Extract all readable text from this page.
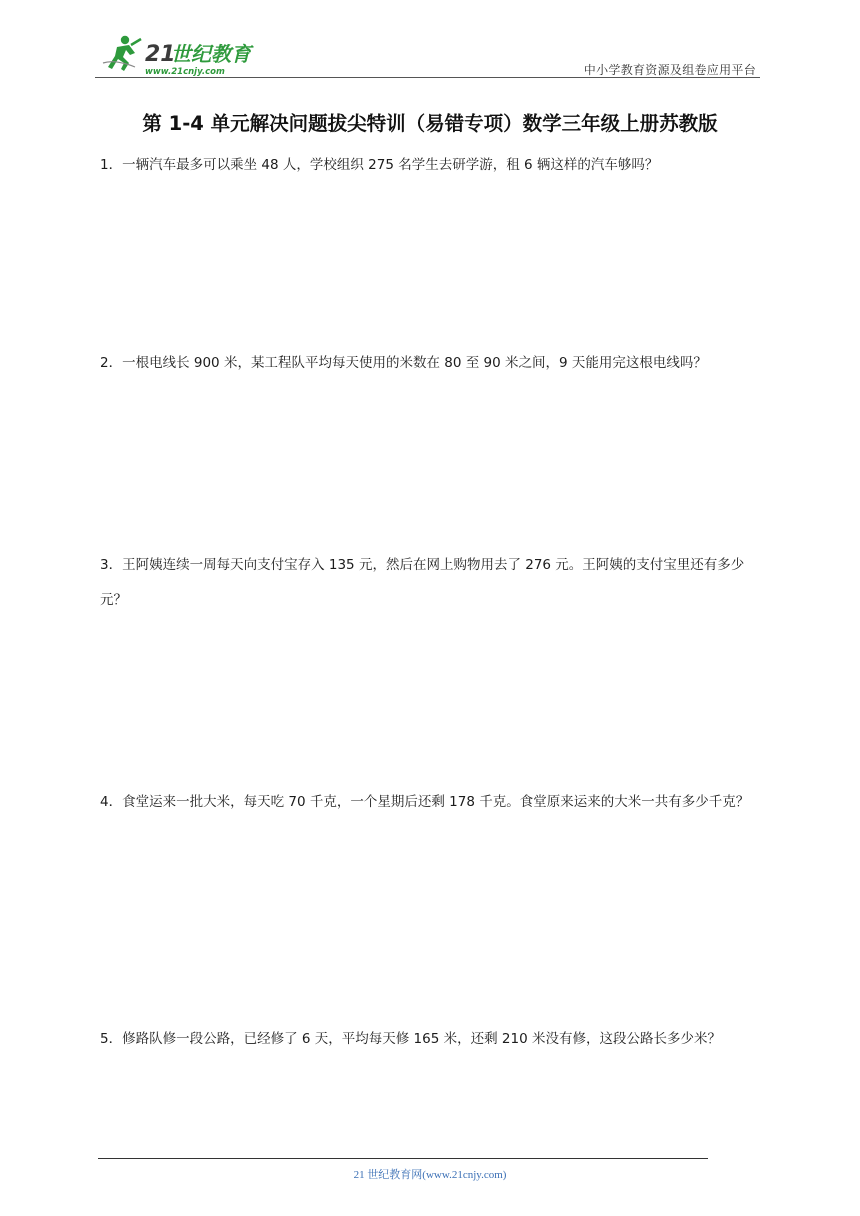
21
世纪教育
www.21cnjy.com	中小学教育资源及组卷应用平台
第 1-4 单元解决问题拔尖特训（易错专项）数学三年级上册苏教版
1．一辆汽车最多可以乘坐 48 人，学校组织 275 名学生去研学游，租 6 辆这样的汽车够吗？
2．一根电线长 900 米，某工程队平均每天使用的米数在 80 至 90 米之间，9 天能用完这根电线吗？
3．王阿姨连续一周每天向支付宝存入 135 元，然后在网上购物用去了 276 元。王阿姨的支付宝里还有多少元？
4．食堂运来一批大米，每天吃 70 千克，一个星期后还剩 178 千克。食堂原来运来的大米一共有多少千克？
5．修路队修一段公路，已经修了 6 天，平均每天修 165 米，还剩 210 米没有修，这段公路长多少米？
21 世纪教育网(www.21cnjy.com)
